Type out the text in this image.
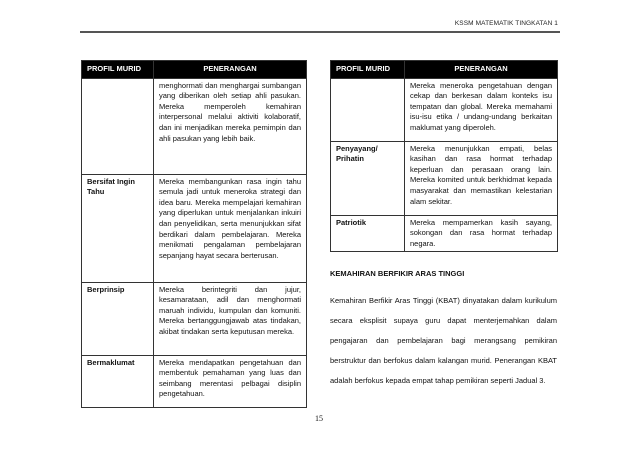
KSSM MATEMATIK TINGKATAN 1
PROFIL MURID	PENERANGAN
	menghormati dan menghargai sumbangan yang diberikan oleh setiap ahli pasukan. Mereka memperoleh kemahiran interpersonal melalui aktiviti kolaboratif, dan ini menjadikan mereka pemimpin dan ahli pasukan yang lebih baik.
Bersifat Ingin Tahu	Mereka membangunkan rasa ingin tahu semula jadi untuk meneroka strategi dan idea baru. Mereka mempelajari kemahiran yang diperlukan untuk menjalankan inkuiri dan penyelidikan, serta menunjukkan sifat berdikari dalam pembelajaran. Mereka menikmati pengalaman pembelajaran sepanjang hayat secara berterusan.
Berprinsip	Mereka berintegriti dan jujur, kesamarataan, adil dan menghormati maruah individu, kumpulan dan komuniti. Mereka bertanggungjawab atas tindakan, akibat tindakan serta keputusan mereka.
Bermaklumat	Mereka mendapatkan pengetahuan dan membentuk pemahaman yang luas dan seimbang merentasi pelbagai disiplin pengetahuan.
PROFIL MURID	PENERANGAN
	Mereka meneroka pengetahuan dengan cekap dan berkesan dalam konteks isu tempatan dan global. Mereka memahami isu-isu etika / undang-undang berkaitan maklumat yang diperoleh.
Penyayang/ Prihatin	Mereka menunjukkan empati, belas kasihan dan rasa hormat terhadap keperluan dan perasaan orang lain. Mereka komited untuk berkhidmat kepada masyarakat dan memastikan kelestarian alam sekitar.
Patriotik	Mereka mempamerkan kasih sayang, sokongan dan rasa hormat terhadap negara.
KEMAHIRAN BERFIKIR ARAS TINGGI
Kemahiran Berfikir Aras Tinggi (KBAT) dinyatakan dalam kurikulum secara eksplisit supaya guru dapat menterjemahkan dalam pengajaran dan pembelajaran bagi merangsang pemikiran berstruktur dan berfokus dalam kalangan murid. Penerangan KBAT adalah berfokus kepada empat tahap pemikiran seperti Jadual 3.
15
